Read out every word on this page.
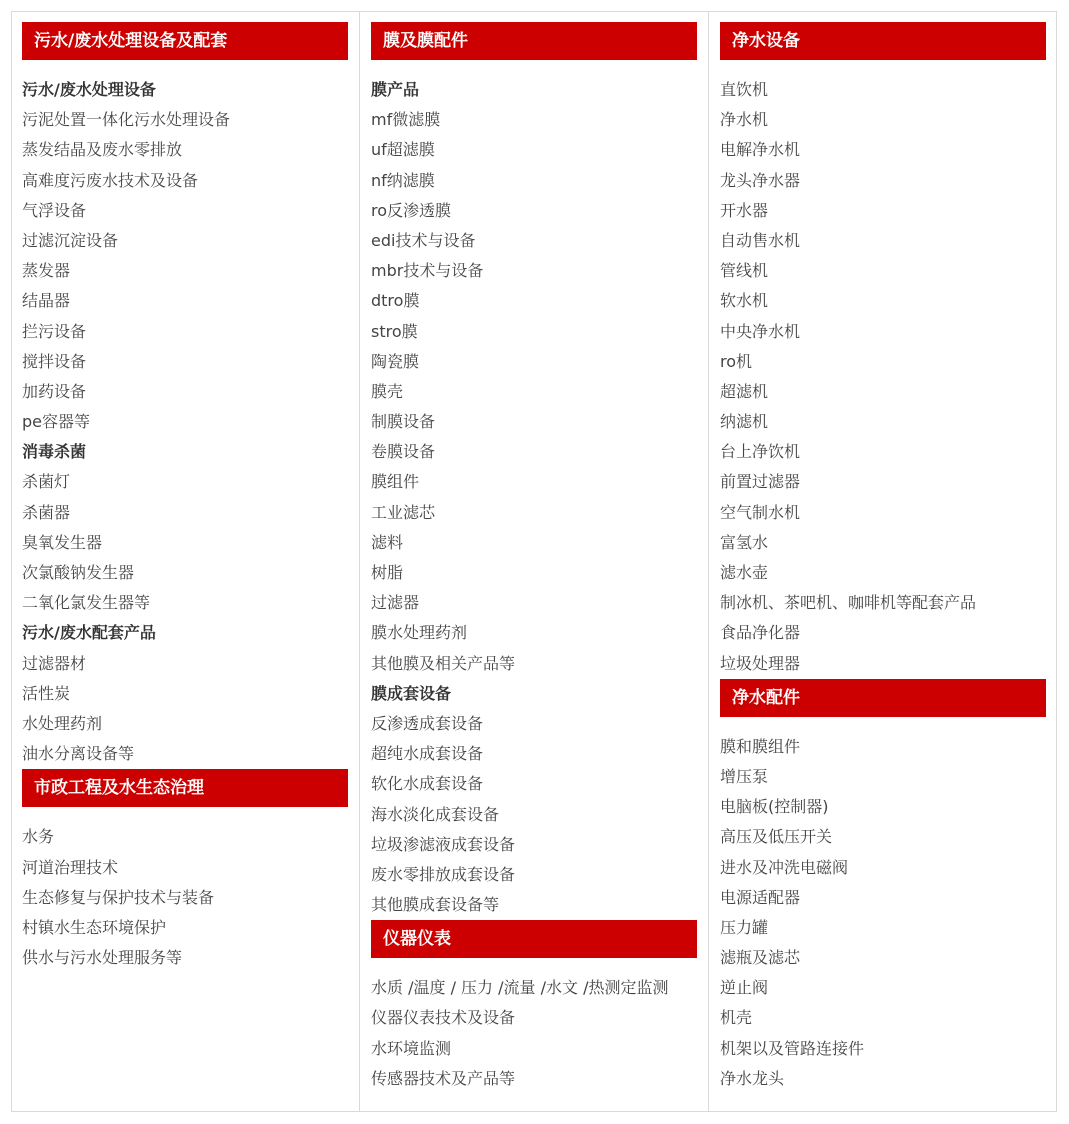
污水/废水处理设备及配套
污水/废水处理设备
污泥处置一体化污水处理设备
蒸发结晶及废水零排放
高难度污废水技术及设备
气浮设备
过滤沉淀设备
蒸发器
结晶器
拦污设备
搅拌设备
加药设备
pe容器等
消毒杀菌
杀菌灯
杀菌器
臭氧发生器
次氯酸钠发生器
二氧化氯发生器等
污水/废水配套产品
过滤器材
活性炭
水处理药剂
油水分离设备等
市政工程及水生态治理
水务
河道治理技术
生态修复与保护技术与装备
村镇水生态环境保护
供水与污水处理服务等
膜及膜配件
膜产品
mf微滤膜
uf超滤膜
nf纳滤膜
ro反渗透膜
edi技术与设备
mbr技术与设备
dtro膜
stro膜
陶瓷膜
膜壳
制膜设备
卷膜设备
膜组件
工业滤芯
滤料
树脂
过滤器
膜水处理药剂
其他膜及相关产品等
膜成套设备
反渗透成套设备
超纯水成套设备
软化水成套设备
海水淡化成套设备
垃圾渗滤液成套设备
废水零排放成套设备
其他膜成套设备等
仪器仪表
水质 /温度 / 压力 /流量 /水文 /热测定监测
仪器仪表技术及设备
水环境监测
传感器技术及产品等
净水设备
直饮机
净水机
电解净水机
龙头净水器
开水器
自动售水机
管线机
软水机
中央净水机
ro机
超滤机
纳滤机
台上净饮机
前置过滤器
空气制水机
富氢水
滤水壶
制冰机、茶吧机、咖啡机等配套产品
食品净化器
垃圾处理器
净水配件
膜和膜组件
增压泵
电脑板(控制器)
高压及低压开关
进水及冲洗电磁阀
电源适配器
压力罐
滤瓶及滤芯
逆止阀
机壳
机架以及管路连接件
净水龙头
